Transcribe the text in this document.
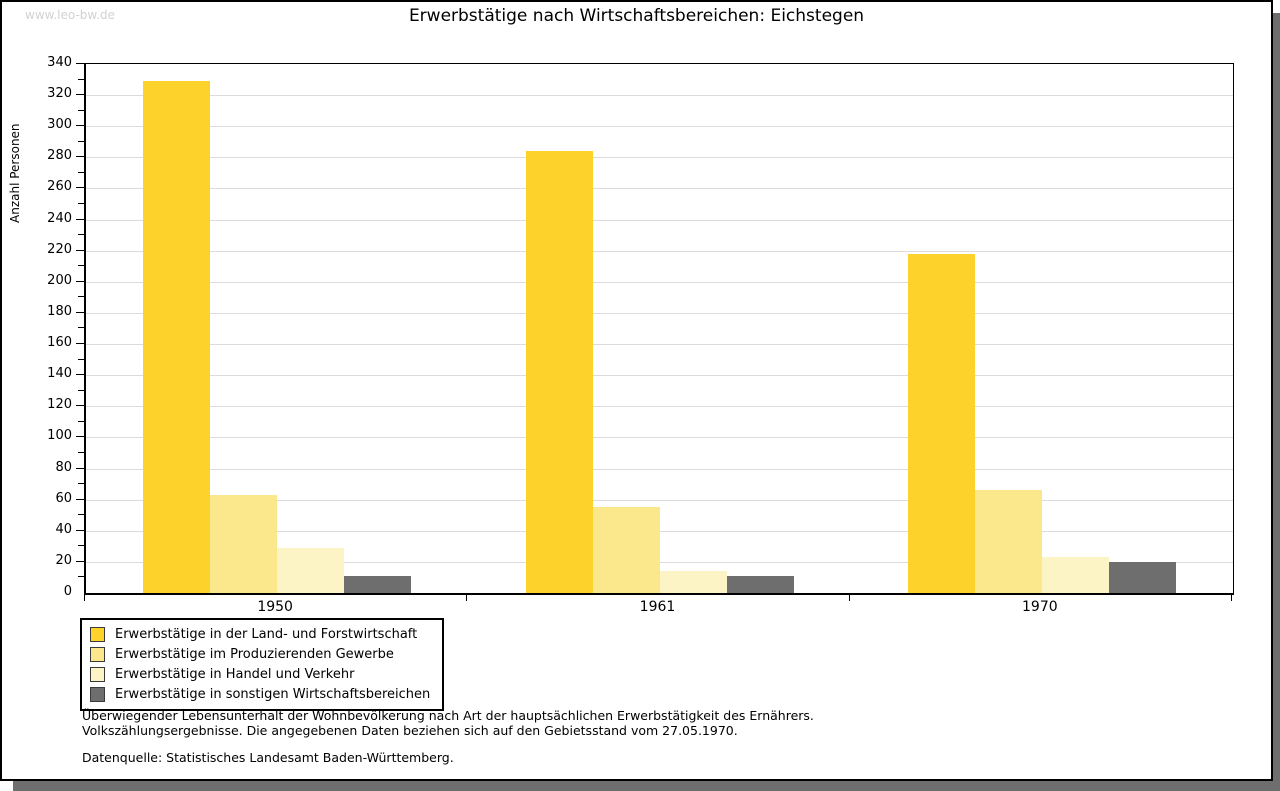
www.leo-bw.de	Erwerbstätige nach Wirtschaftsbereichen: Eichstegen
Anzahl Personen
0
20
40
60
80
100
120
140
160
180
200
220
240
260
280
300
320
340
1950	1961	1970
Erwerbstätige in der Land- und Forstwirtschaft
Erwerbstätige im Produzierenden Gewerbe
Erwerbstätige in Handel und Verkehr
Erwerbstätige in sonstigen Wirtschaftsbereichen
Überwiegender Lebensunterhalt der Wohnbevölkerung nach Art der hauptsächlichen Erwerbstätigkeit des Ernährers.
Volkszählungsergebnisse. Die angegebenen Daten beziehen sich auf den Gebietsstand vom 27.05.1970.
Datenquelle: Statistisches Landesamt Baden-Württemberg.
